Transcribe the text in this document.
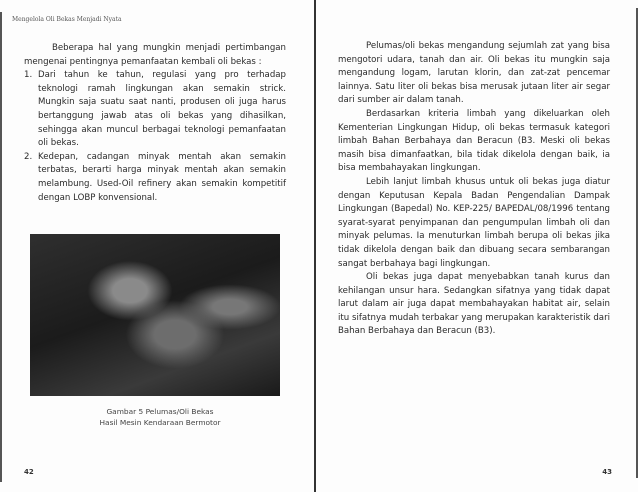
Mengelola Oli Bekas Menjadi Nyata

Beberapa hal yang mungkin menjadi pertimbangan mengenai pentingnya pemanfaatan kembali oli bekas :

1. Dari tahun ke tahun, regulasi yang pro terhadap teknologi ramah lingkungan akan semakin strick. Mungkin saja suatu saat nanti, produsen oli juga harus bertanggung jawab atas oli bekas yang dihasilkan, sehingga akan muncul berbagai teknologi pemanfaatan oli bekas.
2. Kedepan, cadangan minyak mentah akan semakin terbatas, berarti harga minyak mentah akan semakin melambung. Used-Oil refinery akan semakin kompetitif dengan LOBP konvensional.
Gambar 5 Pelumas/Oli Bekas
Hasil Mesin Kendaraan Bermotor
42

Pelumas/oli bekas mengandung sejumlah zat yang bisa mengotori udara, tanah dan air. Oli bekas itu mungkin saja mengandung logam, larutan klorin, dan zat-zat pencemar lainnya. Satu liter oli bekas bisa merusak jutaan liter air segar dari sumber air dalam tanah.

Berdasarkan kriteria limbah yang dikeluarkan oleh Kementerian Lingkungan Hidup, oli bekas termasuk kategori limbah Bahan Berbahaya dan Beracun (B3. Meski oli bekas masih bisa dimanfaatkan, bila tidak dikelola dengan baik, ia bisa membahayakan lingkungan.

Lebih lanjut limbah khusus untuk oli bekas juga diatur dengan Keputusan Kepala Badan Pengendalian Dampak Lingkungan (Bapedal) No. KEP-225/ BAPEDAL/08/1996 tentang syarat-syarat penyimpanan dan pengumpulan limbah oli dan minyak pelumas. Ia menuturkan limbah berupa oli bekas jika tidak dikelola dengan baik dan dibuang secara sembarangan sangat berbahaya bagi lingkungan.

Oli bekas juga dapat menyebabkan tanah kurus dan kehilangan unsur hara. Sedangkan sifatnya yang tidak dapat larut dalam air juga dapat membahayakan habitat air, selain itu sifatnya mudah terbakar yang merupakan karakteristik dari Bahan Berbahaya dan Beracun (B3).

43
